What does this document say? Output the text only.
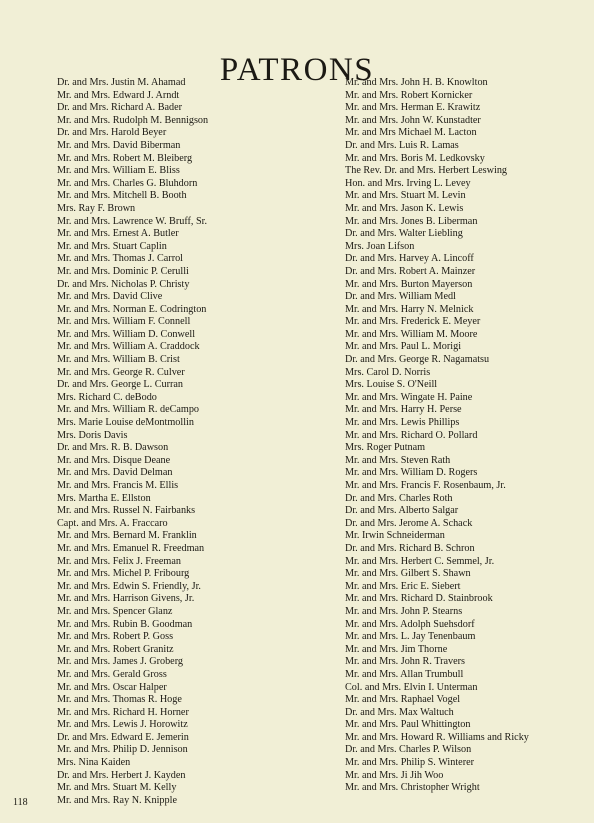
PATRONS
Dr. and Mrs. Justin M. Ahamad
Mr. and Mrs. Edward J. Arndt
Dr. and Mrs. Richard A. Bader
Mr. and Mrs. Rudolph M. Bennigson
Dr. and Mrs. Harold Beyer
Mr. and Mrs. David Biberman
Mr. and Mrs. Robert M. Bleiberg
Mr. and Mrs. William E. Bliss
Mr. and Mrs. Charles G. Bluhdorn
Mr. and Mrs. Mitchell B. Booth
Mrs. Ray F. Brown
Mr. and Mrs. Lawrence W. Bruff, Sr.
Mr. and Mrs. Ernest A. Butler
Mr. and Mrs. Stuart Caplin
Mr. and Mrs. Thomas J. Carrol
Mr. and Mrs. Dominic P. Cerulli
Dr. and Mrs. Nicholas P. Christy
Mr. and Mrs. David Clive
Mr. and Mrs. Norman E. Codrington
Mr. and Mrs. William F. Connell
Mr. and Mrs. William D. Conwell
Mr. and Mrs. William A. Craddock
Mr. and Mrs. William B. Crist
Mr. and Mrs. George R. Culver
Dr. and Mrs. George L. Curran
Mrs. Richard C. deBodo
Mr. and Mrs. William R. deCampo
Mrs. Marie Louise deMontmollin
Mrs. Doris Davis
Dr. and Mrs. R. B. Dawson
Mr. and Mrs. Disque Deane
Mr. and Mrs. David Delman
Mr. and Mrs. Francis M. Ellis
Mrs. Martha E. Ellston
Mr. and Mrs. Russel N. Fairbanks
Capt. and Mrs. A. Fraccaro
Mr. and Mrs. Bernard M. Franklin
Mr. and Mrs. Emanuel R. Freedman
Mr. and Mrs. Felix J. Freeman
Mr. and Mrs. Michel P. Fribourg
Mr. and Mrs. Edwin S. Friendly, Jr.
Mr. and Mrs. Harrison Givens, Jr.
Mr. and Mrs. Spencer Glanz
Mr. and Mrs. Rubin B. Goodman
Mr. and Mrs. Robert P. Goss
Mr. and Mrs. Robert Granitz
Mr. and Mrs. James J. Groberg
Mr. and Mrs. Gerald Gross
Mr. and Mrs. Oscar Halper
Mr. and Mrs. Thomas R. Hoge
Mr. and Mrs. Richard H. Horner
Mr. and Mrs. Lewis J. Horowitz
Dr. and Mrs. Edward E. Jemerin
Mr. and Mrs. Philip D. Jennison
Mrs. Nina Kaiden
Dr. and Mrs. Herbert J. Kayden
Mr. and Mrs. Stuart M. Kelly
Mr. and Mrs. Ray N. Knipple
Mr. and Mrs. John H. B. Knowlton
Mr. and Mrs. Robert Kornicker
Mr. and Mrs. Herman E. Krawitz
Mr. and Mrs. John W. Kunstadter
Mr. and Mrs Michael M. Lacton
Dr. and Mrs. Luis R. Lamas
Mr. and Mrs. Boris M. Ledkovsky
The Rev. Dr. and Mrs. Herbert Leswing
Hon. and Mrs. Irving L. Levey
Mr. and Mrs. Stuart M. Levin
Mr. and Mrs. Jason K. Lewis
Mr. and Mrs. Jones B. Liberman
Dr. and Mrs. Walter Liebling
Mrs. Joan Lifson
Dr. and Mrs. Harvey A. Lincoff
Dr. and Mrs. Robert A. Mainzer
Mr. and Mrs. Burton Mayerson
Dr. and Mrs. William Medl
Mr. and Mrs. Harry N. Melnick
Mr. and Mrs. Frederick E. Meyer
Mr. and Mrs. William M. Moore
Mr. and Mrs. Paul L. Morigi
Dr. and Mrs. George R. Nagamatsu
Mrs. Carol D. Norris
Mrs. Louise S. O'Neill
Mr. and Mrs. Wingate H. Paine
Mr. and Mrs. Harry H. Perse
Mr. and Mrs. Lewis Phillips
Mr. and Mrs. Richard O. Pollard
Mrs. Roger Putnam
Mr. and Mrs. Steven Rath
Mr. and Mrs. William D. Rogers
Mr. and Mrs. Francis F. Rosenbaum, Jr.
Dr. and Mrs. Charles Roth
Dr. and Mrs. Alberto Salgar
Dr. and Mrs. Jerome A. Schack
Mr. Irwin Schneiderman
Dr. and Mrs. Richard B. Schron
Mr. and Mrs. Herbert C. Semmel, Jr.
Mr. and Mrs. Gilbert S. Shawn
Mr. and Mrs. Eric E. Siebert
Mr. and Mrs. Richard D. Stainbrook
Mr. and Mrs. John P. Stearns
Mr. and Mrs. Adolph Suehsdorf
Mr. and Mrs. L. Jay Tenenbaum
Mr. and Mrs. Jim Thorne
Mr. and Mrs. John R. Travers
Mr. and Mrs. Allan Trumbull
Col. and Mrs. Elvin I. Unterman
Mr. and Mrs. Raphael Vogel
Dr. and Mrs. Max Waltuch
Mr. and Mrs. Paul Whittington
Mr. and Mrs. Howard R. Williams and Ricky
Dr. and Mrs. Charles P. Wilson
Mr. and Mrs. Philip S. Winterer
Mr. and Mrs. Ji Jih Woo
Mr. and Mrs. Christopher Wright
118
